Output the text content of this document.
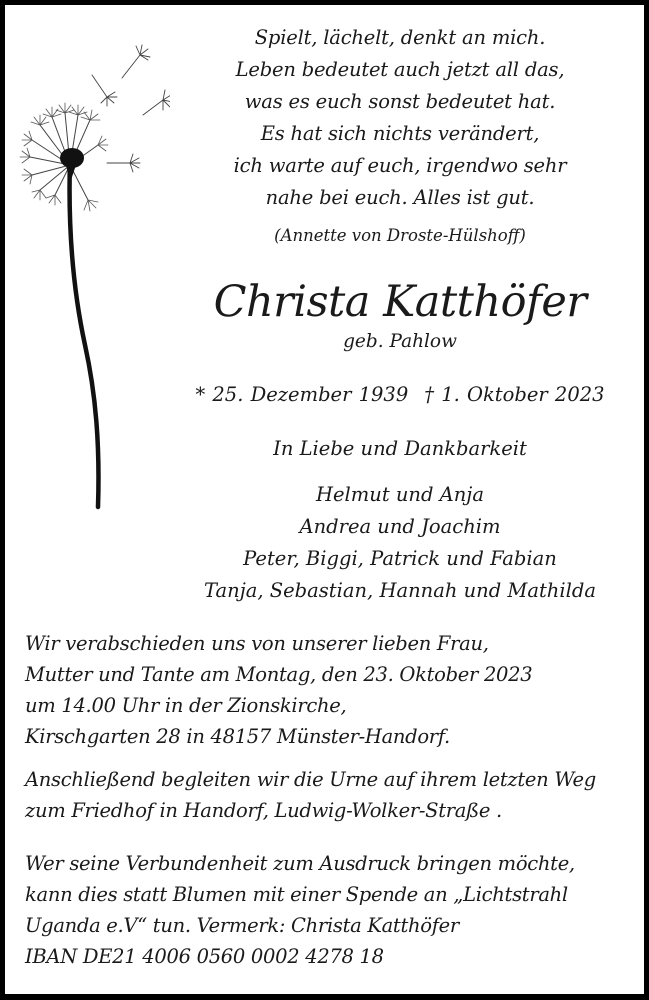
Spielt, lächelt, denkt an mich.
Leben bedeutet auch jetzt all das,
was es euch sonst bedeutet hat.
Es hat sich nichts verändert,
ich warte auf euch, irgendwo sehr
nahe bei euch. Alles ist gut.
(Annette von Droste-Hülshoff)
Christa Katthöfer
geb. Pahlow
* 25. Dezember 1939 † 1. Oktober 2023
In Liebe und Dankbarkeit
Helmut und Anja
Andrea und Joachim
Peter, Biggi, Patrick und Fabian
Tanja, Sebastian, Hannah und Mathilda
Wir verabschieden uns von unserer lieben Frau,
Mutter und Tante am Montag, den 23. Oktober 2023
um 14.00 Uhr in der Zionskirche,
Kirschgarten 28 in 48157 Münster-Handorf.
Anschließend begleiten wir die Urne auf ihrem letzten Weg
zum Friedhof in Handorf, Ludwig-Wolker-Straße .
Wer seine Verbundenheit zum Ausdruck bringen möchte,
kann dies statt Blumen mit einer Spende an „Lichtstrahl
Uganda e.V“ tun. Vermerk: Christa Katthöfer
IBAN DE21 4006 0560 0002 4278 18
